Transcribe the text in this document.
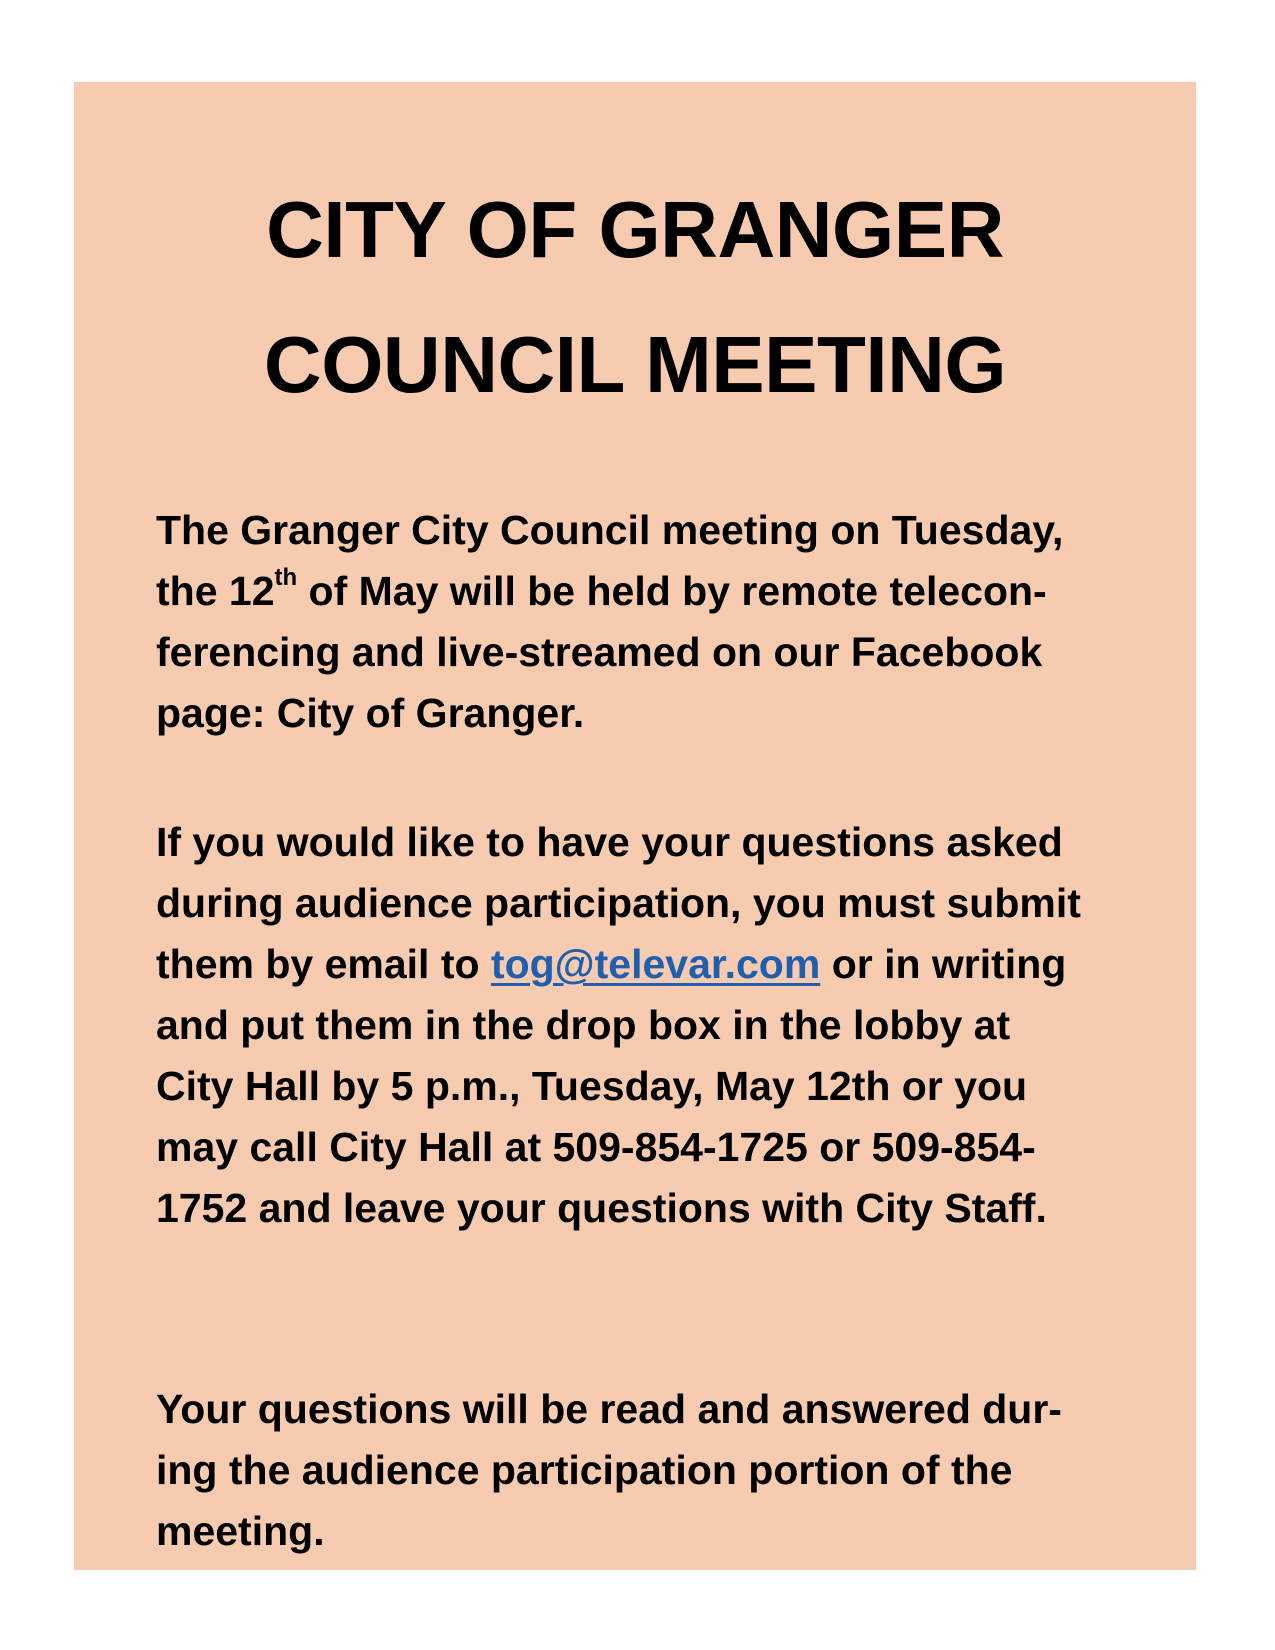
CITY OF GRANGER
COUNCIL MEETING
The Granger City Council meeting on Tuesday,
the 12th of May will be held by remote telecon-
ferencing and live-streamed on our Facebook
page: City of Granger.
If you would like to have your questions asked
during audience participation, you must submit
them by email to tog@televar.com or in writing
and put them in the drop box in the lobby at
City Hall by 5 p.m., Tuesday, May 12th or you
may call City Hall at 509-854-1725 or 509-854-
1752 and leave your questions with City Staff.
Your questions will be read and answered dur-
ing the audience participation portion of the
meeting.
